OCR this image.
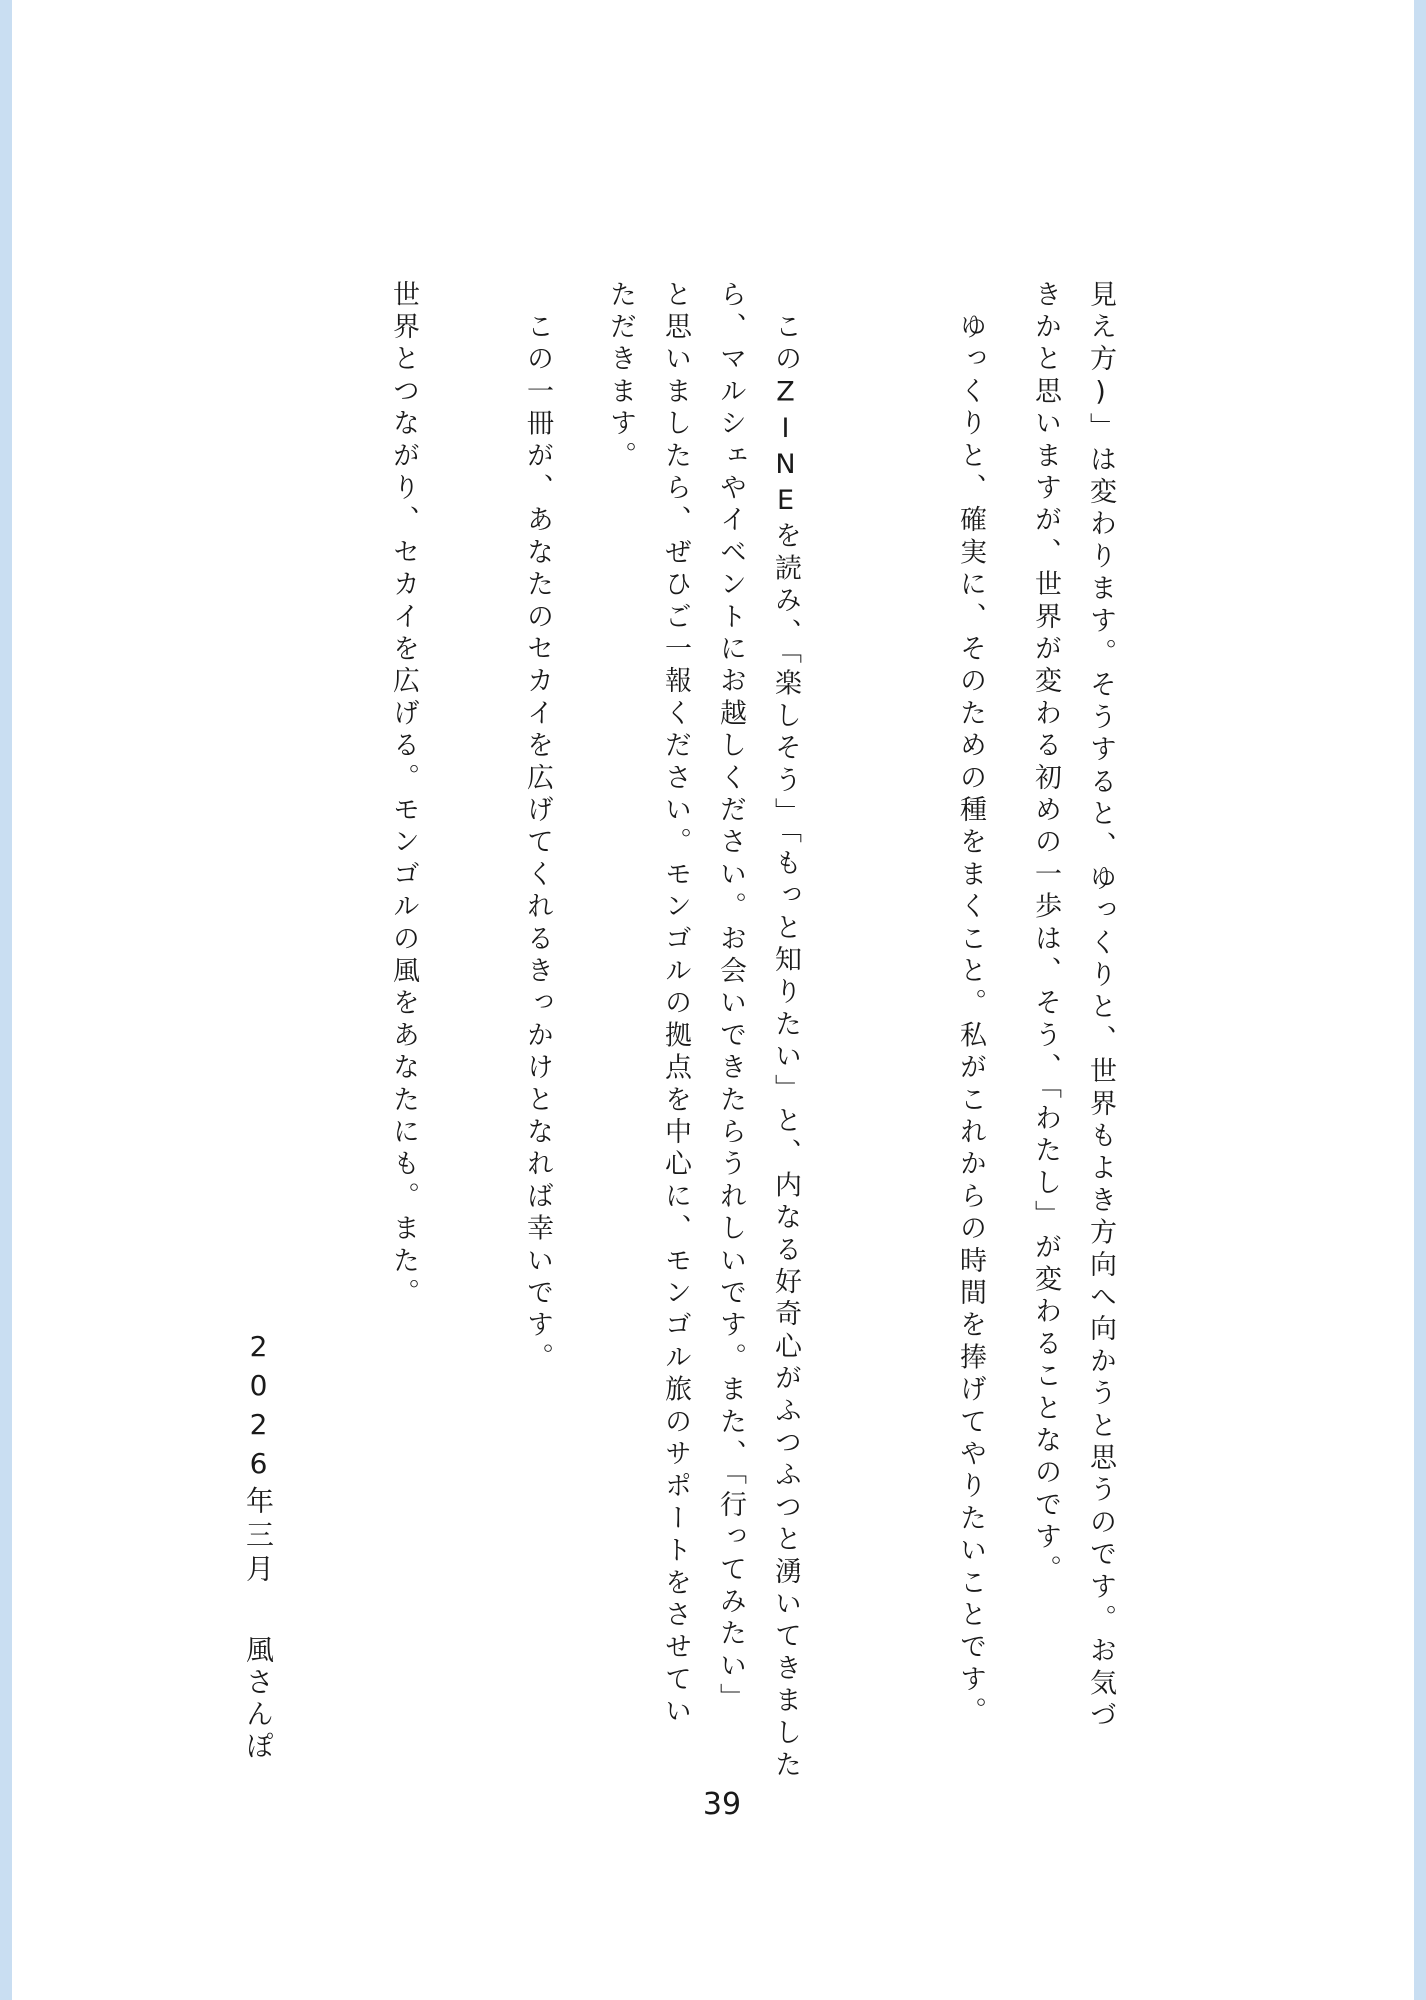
見え方)」は変わります。そうすると、ゆっくりと、世界もよき方向へ向かうと思うのです。お気づ
きかと思いますが、世界が変わる初めの一歩は、そう、「わたし」が変わることなのです。
　ゆっくりと、確実に、そのための種をまくこと。私がこれからの時間を捧げてやりたいことです。
　このZINEを読み、「楽しそう」「もっと知りたい」と、内なる好奇心がふつふつと湧いてきました
ら、マルシェやイベントにお越しください。お会いできたらうれしいです。また、「行ってみたい」
と思いましたら、ぜひご一報ください。モンゴルの拠点を中心に、モンゴル旅のサポートをさせてい
ただきます。
　この一冊が、あなたのセカイを広げてくれるきっかけとなれば幸いです。
世界とつながり、セカイを広げる。モンゴルの風をあなたにも。また。
2026年三月
風さんぽ
39
